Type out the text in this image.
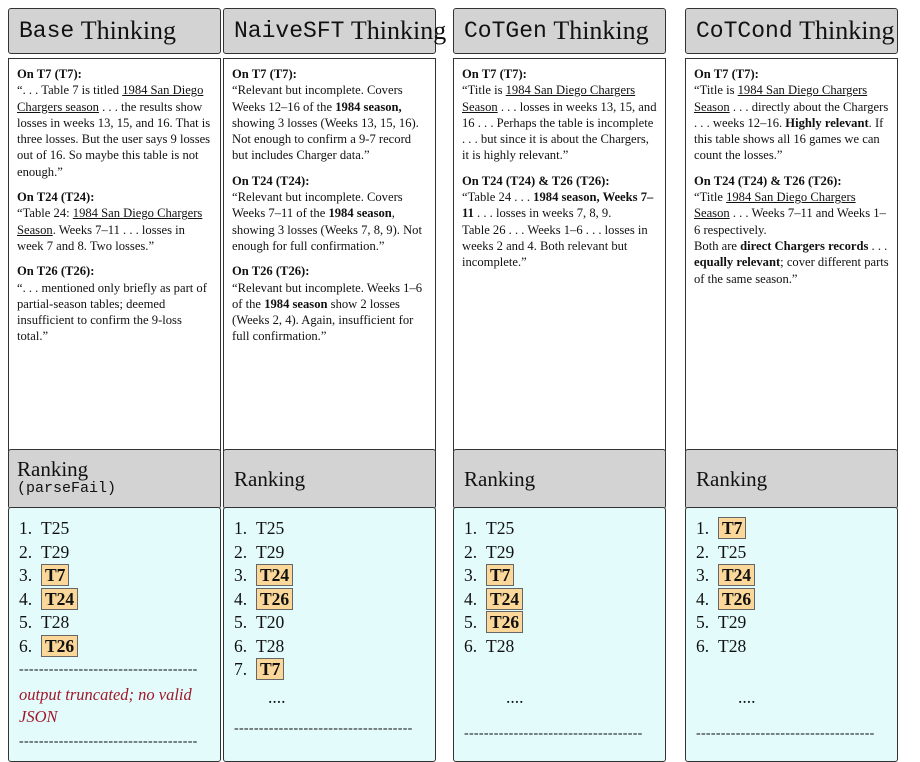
Base Thinking
On T7 (T7):
“. . . Table 7 is titled 1984 San Diego Chargers season . . . the results show losses in weeks 13, 15, and 16. That is three losses. But the user says 9 losses out of 16. So maybe this table is not enough.”
On T24 (T24):
“Table 24: 1984 San Diego Chargers Season. Weeks 7–11 . . . losses in week 7 and 8. Two losses.”
On T26 (T26):
“. . . mentioned only briefly as part of partial-season tables; deemed insufficient to confirm the 9-loss total.”
Ranking
(parseFail)
1. T25
2. T29
3. T7
4. T24
5. T28
6. T26
------------------------------------
output truncated; no valid JSON
------------------------------------
NaiveSFT Thinking
On T7 (T7):
“Relevant but incomplete. Covers Weeks 12–16 of the 1984 season, showing 3 losses (Weeks 13, 15, 16). Not enough to confirm a 9-7 record but includes Charger data.”
On T24 (T24):
“Relevant but incomplete. Covers Weeks 7–11 of the 1984 season, showing 3 losses (Weeks 7, 8, 9). Not enough for full confirmation.”
On T26 (T26):
“Relevant but incomplete. Weeks 1–6 of the 1984 season show 2 losses (Weeks 2, 4). Again, insufficient for full confirmation.”
Ranking
1. T25
2. T29
3. T24
4. T26
5. T20
6. T28
7. T7
....
------------------------------------
CoTGen Thinking
On T7 (T7):
“Title is 1984 San Diego Chargers Season . . . losses in weeks 13, 15, and 16 . . . Perhaps the table is incomplete . . . but since it is about the Chargers, it is highly relevant.”
On T24 (T24) & T26 (T26):
“Table 24 . . . 1984 season, Weeks 7–11 . . . losses in weeks 7, 8, 9.
Table 26 . . . Weeks 1–6 . . . losses in weeks 2 and 4. Both relevant but incomplete.”
Ranking
1. T25
2. T29
3. T7
4. T24
5. T26
6. T28
....
------------------------------------
CoTCond Thinking
On T7 (T7):
“Title is 1984 San Diego Chargers Season . . . directly about the Chargers . . . weeks 12–16. Highly relevant. If this table shows all 16 games we can count the losses.”
On T24 (T24) & T26 (T26):
“Title 1984 San Diego Chargers Season . . . Weeks 7–11 and Weeks 1–6 respectively.
Both are direct Chargers records . . . equally relevant; cover different parts of the same season.”
Ranking
1. T7
2. T25
3. T24
4. T26
5. T29
6. T28
....
------------------------------------
